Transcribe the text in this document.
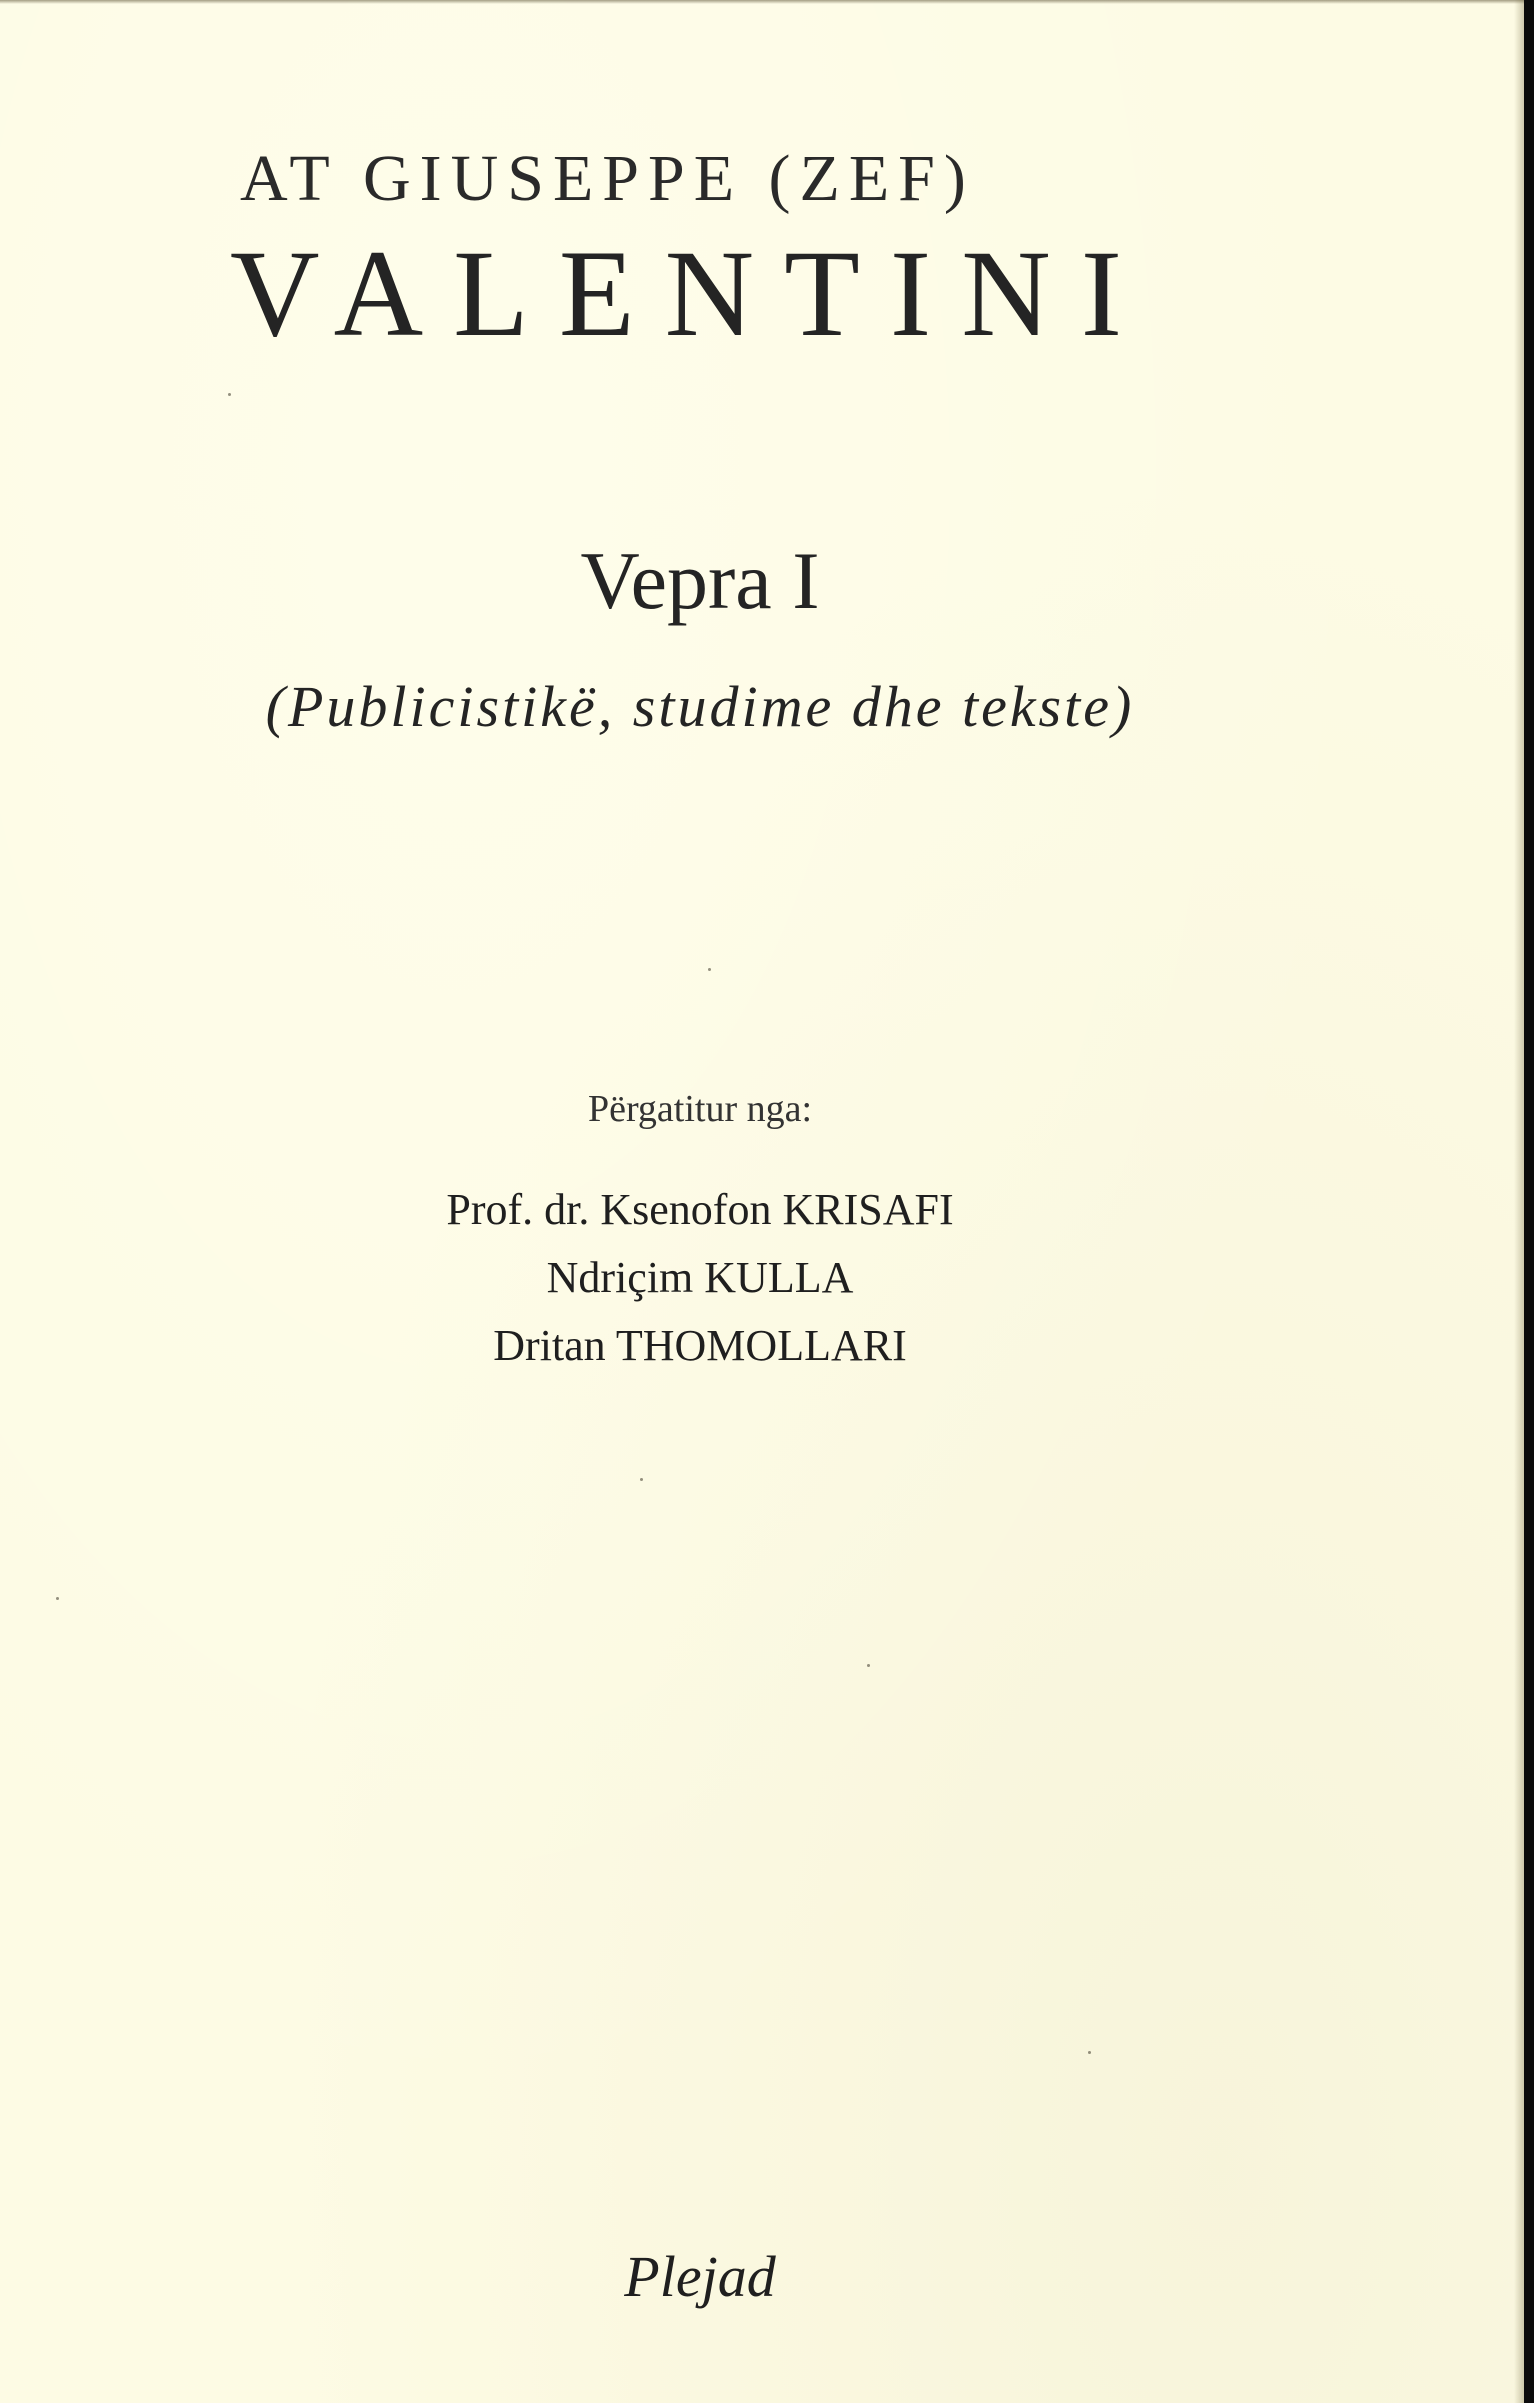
AT GIUSEPPE (ZEF)
VALENTINI
Vepra I
(Publicistikë, studime dhe tekste)
Përgatitur nga:
Prof. dr. Ksenofon KRISAFI
Ndriçim KULLA
Dritan THOMOLLARI
Plejad
